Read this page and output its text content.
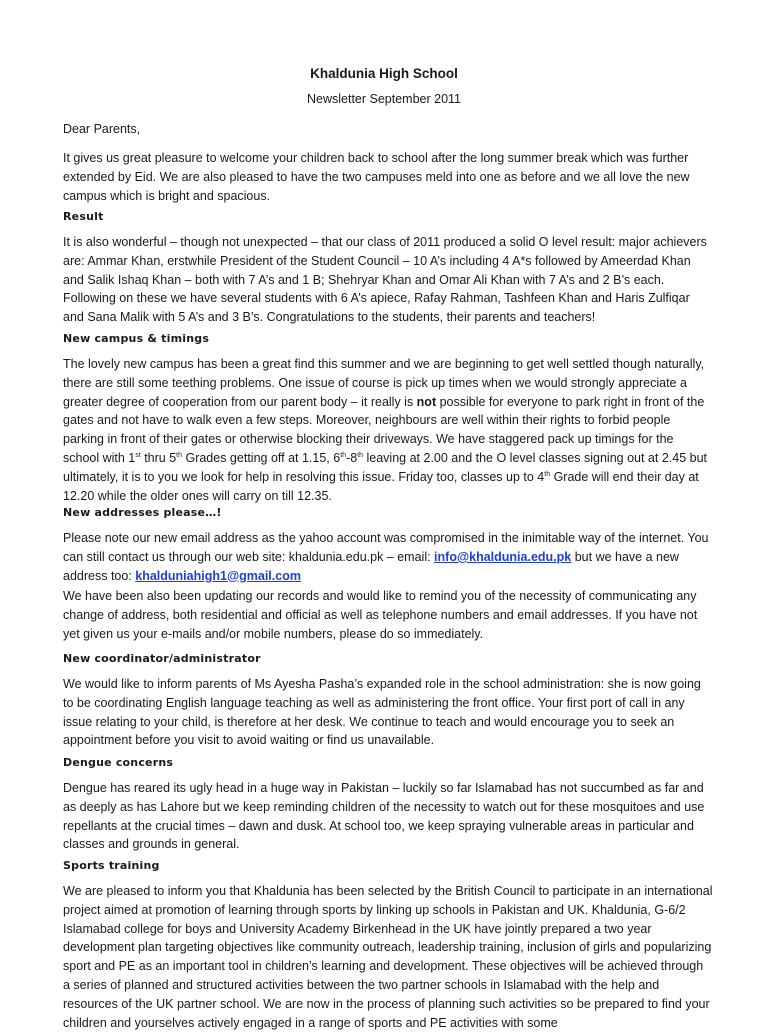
Khaldunia High School
Newsletter September 2011

Dear Parents,

It gives us great pleasure to welcome your children back to school after the long summer break which was further extended by Eid. We are also pleased to have the two campuses meld into one as before and we all love the new campus which is bright and spacious.

Result

It is also wonderful – though not unexpected – that our class of 2011 produced a solid O level result: major achievers are: Ammar Khan, erstwhile President of the Student Council – 10 A’s including 4 A*s followed by Ameerdad Khan and Salik Ishaq Khan – both with 7 A’s and 1 B; Shehryar Khan and Omar Ali Khan with 7 A’s and 2 B’s each. Following on these we have several students with 6 A’s apiece, Rafay Rahman, Tashfeen Khan and Haris Zulfiqar and Sana Malik with 5 A’s and 3 B’s. Congratulations to the students, their parents and teachers!

New campus & timings

The lovely new campus has been a great find this summer and we are beginning to get well settled though naturally, there are still some teething problems. One issue of course is pick up times when we would strongly appreciate a greater degree of cooperation from our parent body – it really is not possible for everyone to park right in front of the gates and not have to walk even a few steps. Moreover, neighbours are well within their rights to forbid people parking in front of their gates or otherwise blocking their driveways. We have staggered pack up timings for the school with 1st thru 5th Grades getting off at 1.15, 6th-8th leaving at 2.00 and the O level classes signing out at 2.45 but ultimately, it is to you we look for help in resolving this issue. Friday too, classes up to 4th Grade will end their day at 12.20 while the older ones will carry on till 12.35.

New addresses please…!

Please note our new email address as the yahoo account was compromised in the inimitable way of the internet. You can still contact us through our web site: khaldunia.edu.pk – email: info@khaldunia.edu.pk but we have a new address too: khalduniahigh1@gmail.com

We have been also been updating our records and would like to remind you of the necessity of communicating any change of address, both residential and official as well as telephone numbers and email addresses. If you have not yet given us your e-mails and/or mobile numbers, please do so immediately.

New coordinator/administrator

We would like to inform parents of Ms Ayesha Pasha’s expanded role in the school administration: she is now going to be coordinating English language teaching as well as administering the front office. Your first port of call in any issue relating to your child, is therefore at her desk. We continue to teach and would encourage you to seek an appointment before you visit to avoid waiting or find us unavailable.

Dengue concerns

Dengue has reared its ugly head in a huge way in Pakistan – luckily so far Islamabad has not succumbed as far and as deeply as has Lahore but we keep reminding children of the necessity to watch out for these mosquitoes and use repellants at the crucial times – dawn and dusk. At school too, we keep spraying vulnerable areas in particular and classes and grounds in general.

Sports training

We are pleased to inform you that Khaldunia has been selected by the British Council to participate in an international project aimed at promotion of learning through sports by linking up schools in Pakistan and UK. Khaldunia, G-6/2 Islamabad college for boys and University Academy Birkenhead in the UK have jointly prepared a two year development plan targeting objectives like community outreach, leadership training, inclusion of girls and popularizing sport and PE as an important tool in children’s learning and development. These objectives will be achieved through a series of planned and structured activities between the two partner schools in Islamabad with the help and resources of the UK partner school. We are now in the process of planning such activities so be prepared to find your children and yourselves actively engaged in a range of sports and PE activities with some
